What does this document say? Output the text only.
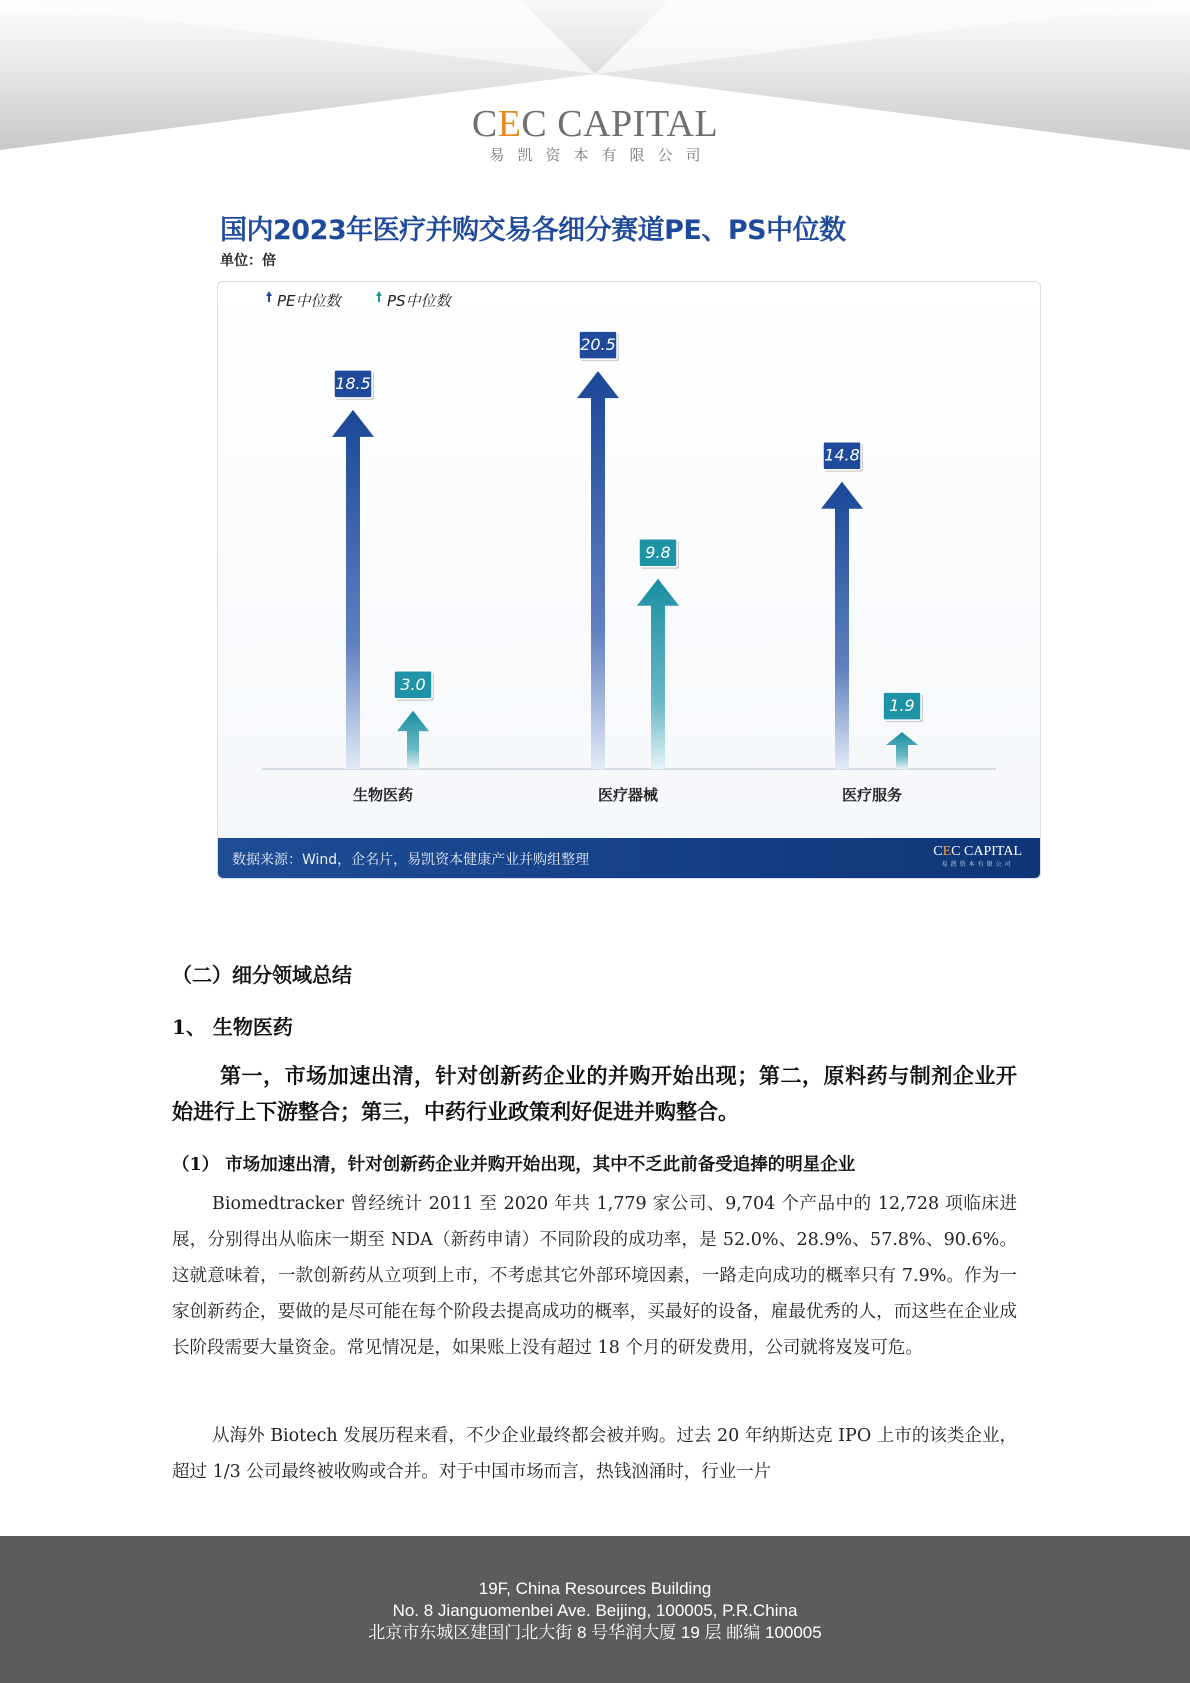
CEC CAPITAL
易凯资本有限公司
国内2023年医疗并购交易各细分赛道PE、PS中位数
单位：倍
PE中位数	PS中位数
18.5
20.5
14.8
3.0
9.8
1.9
生物医药	医疗器械	医疗服务
数据来源：Wind，企名片，易凯资本健康产业并购组整理
CEC CAPITAL
易凯资本有限公司
（二）细分领域总结
1、 生物医药
第一，市场加速出清，针对创新药企业的并购开始出现；第二，原料药与制剂企业开始进行上下游整合；第三，中药行业政策利好促进并购整合。
（1） 市场加速出清，针对创新药企业并购开始出现，其中不乏此前备受追捧的明星企业
Biomedtracker 曾经统计 2011 至 2020 年共 1,779 家公司、9,704 个产品中的 12,728 项临床进展，分别得出从临床一期至 NDA（新药申请）不同阶段的成功率，是 52.0%、28.9%、57.8%、90.6%。这就意味着，一款创新药从立项到上市，不考虑其它外部环境因素，一路走向成功的概率只有 7.9%。作为一家创新药企，要做的是尽可能在每个阶段去提高成功的概率，买最好的设备，雇最优秀的人，而这些在企业成长阶段需要大量资金。常见情况是，如果账上没有超过 18 个月的研发费用，公司就将岌岌可危。
从海外 Biotech 发展历程来看，不少企业最终都会被并购。过去 20 年纳斯达克 IPO 上市的该类企业，超过 1/3 公司最终被收购或合并。对于中国市场而言，热钱汹涌时，行业一片
19F, China Resources Building
No. 8 Jianguomenbei Ave. Beijing, 100005, P.R.China
北京市东城区建国门北大街 8 号华润大厦 19 层 邮编 100005
